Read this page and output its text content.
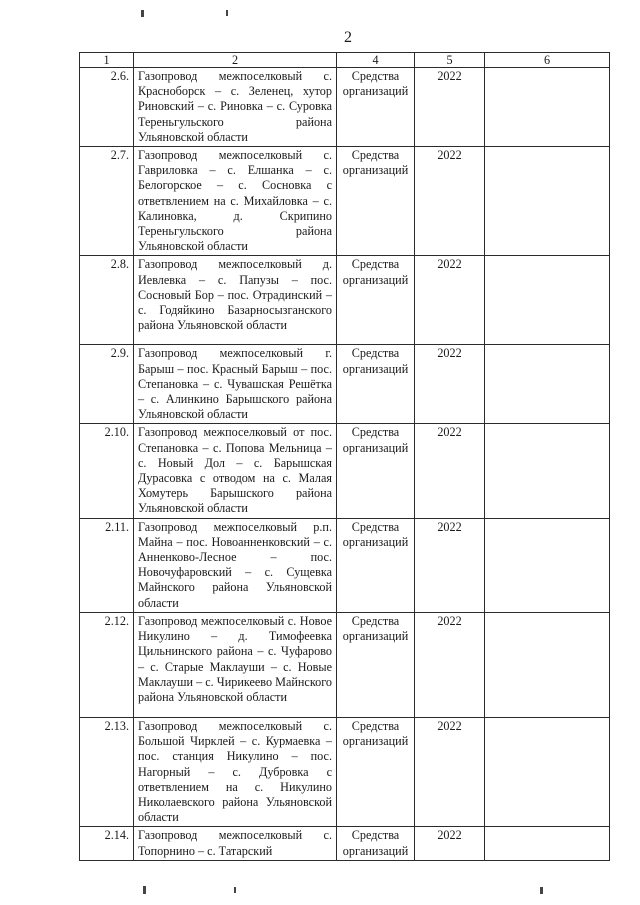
2
1	2	4	5	6
2.6.	Газопровод межпоселковый с. Красноборск – с. Зеленец, хутор Риновский – с. Риновка – с. Суровка Тереньгульского района Ульяновской области	Средства организаций	2022	
2.7.	Газопровод межпоселковый с. Гавриловка – с. Елшанка – с. Белогорское – с. Сосновка с ответвлением на с. Михайловка – с. Калиновка, д. Скрипино Тереньгульского района Ульяновской области	Средства организаций	2022	
2.8.	Газопровод межпоселковый д. Иевлевка – с. Папузы – пос. Сосновый Бор – пос. Отрадинский – с. Годяйкино Базарносызганского района Ульяновской области	Средства организаций	2022	
2.9.	Газопровод межпоселковый г. Барыш – пос. Красный Барыш – пос. Степановка – с. Чувашская Решётка – с. Алинкино Барышского района Ульяновской области	Средства организаций	2022	
2.10.	Газопровод межпоселковый от пос. Степановка – с. Попова Мельница – с. Новый Дол – с. Барышская Дурасовка с отводом на с. Малая Хомутерь Барышского района Ульяновской области	Средства организаций	2022	
2.11.	Газопровод межпоселковый р.п. Майна – пос. Новоанненковский – с. Анненково-Лесное – пос. Новочуфаровский – с. Сущевка Майнского района Ульяновской области	Средства организаций	2022	
2.12.	Газопровод межпоселковый с. Новое Никулино – д. Тимофеевка Цильнинского района – с. Чуфарово – с. Старые Маклауши – с. Новые Маклауши – с. Чирикеево Майнского района Ульяновской области	Средства организаций	2022	
2.13.	Газопровод межпоселковый с. Большой Чирклей – с. Курмаевка – пос. станция Никулино – пос. Нагорный – с. Дубровка с ответвлением на с. Никулино Николаевского района Ульяновской области	Средства организаций	2022	
2.14.	Газопровод межпоселковый с. Топорнино – с. Татарский	Средства организаций	2022	
